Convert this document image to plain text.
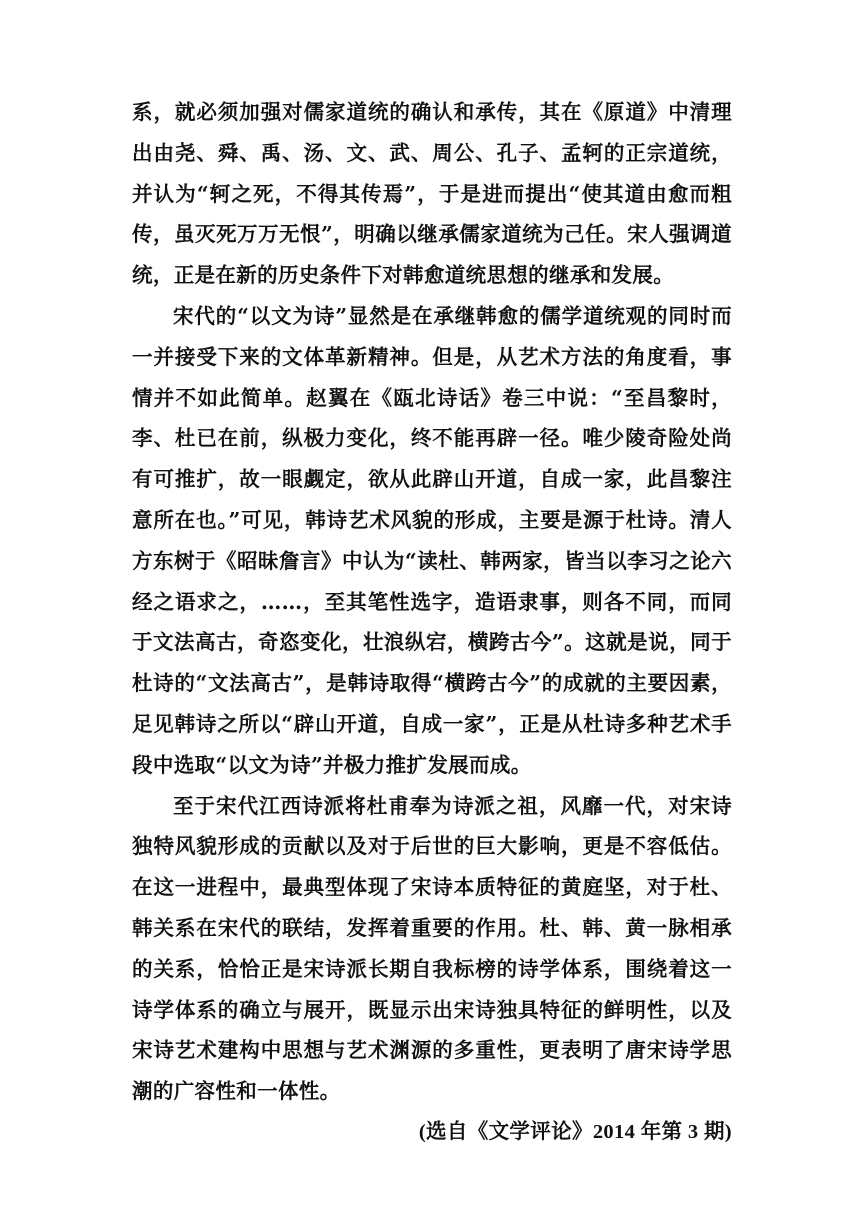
系，就必须加强对儒家道统的确认和承传，其在《原道》中清理出由尧、舜、禹、汤、文、武、周公、孔子、孟轲的正宗道统，并认为“轲之死，不得其传焉”，于是进而提出“使其道由愈而粗传，虽灭死万万无恨”，明确以继承儒家道统为己任。宋人强调道统，正是在新的历史条件下对韩愈道统思想的继承和发展。

宋代的“以文为诗”显然是在承继韩愈的儒学道统观的同时而一并接受下来的文体革新精神。但是，从艺术方法的角度看，事情并不如此简单。赵翼在《瓯北诗话》卷三中说：“至昌黎时，李、杜已在前，纵极力变化，终不能再辟一径。唯少陵奇险处尚有可推扩，故一眼觑定，欲从此辟山开道，自成一家，此昌黎注意所在也。”可见，韩诗艺术风貌的形成，主要是源于杜诗。清人方东树于《昭昧詹言》中认为“读杜、韩两家，皆当以李习之论六经之语求之，……，至其笔性选字，造语隶事，则各不同，而同于文法高古，奇恣变化，壮浪纵宕，横跨古今”。这就是说，同于杜诗的“文法高古”，是韩诗取得“横跨古今”的成就的主要因素，足见韩诗之所以“辟山开道，自成一家”，正是从杜诗多种艺术手段中选取“以文为诗”并极力推扩发展而成。

至于宋代江西诗派将杜甫奉为诗派之祖，风靡一代，对宋诗独特风貌形成的贡献以及对于后世的巨大影响，更是不容低估。在这一进程中，最典型体现了宋诗本质特征的黄庭坚，对于杜、韩关系在宋代的联结，发挥着重要的作用。杜、韩、黄一脉相承的关系，恰恰正是宋诗派长期自我标榜的诗学体系，围绕着这一诗学体系的确立与展开，既显示出宋诗独具特征的鲜明性，以及宋诗艺术建构中思想与艺术渊源的多重性，更表明了唐宋诗学思潮的广容性和一体性。

(选自《文学评论》2014 年第 3 期)
